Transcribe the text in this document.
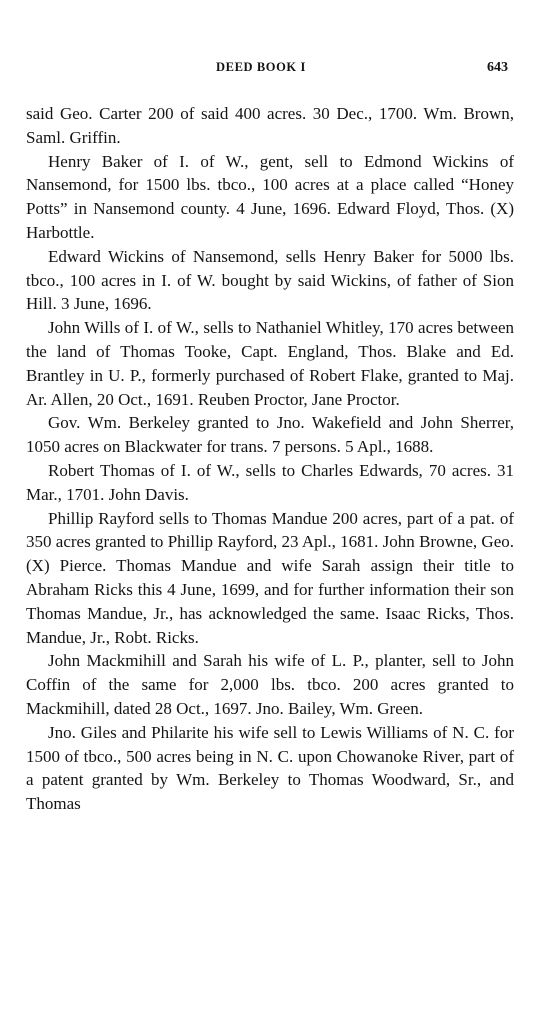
DEED BOOK I	643

said Geo. Carter 200 of said 400 acres. 30 Dec., 1700. Wm. Brown, Saml. Griffin.

Henry Baker of I. of W., gent, sell to Edmond Wickins of Nansemond, for 1500 lbs. tbco., 100 acres at a place called “Honey Potts” in Nansemond county. 4 June, 1696. Edward Floyd, Thos. (X) Harbottle.

Edward Wickins of Nansemond, sells Henry Baker for 5000 lbs. tbco., 100 acres in I. of W. bought by said Wickins, of father of Sion Hill. 3 June, 1696.

John Wills of I. of W., sells to Nathaniel Whitley, 170 acres between the land of Thomas Tooke, Capt. England, Thos. Blake and Ed. Brantley in U. P., formerly purchased of Robert Flake, granted to Maj. Ar. Allen, 20 Oct., 1691. Reuben Proctor, Jane Proctor.

Gov. Wm. Berkeley granted to Jno. Wakefield and John Sherrer, 1050 acres on Blackwater for trans. 7 persons. 5 Apl., 1688.

Robert Thomas of I. of W., sells to Charles Edwards, 70 acres. 31 Mar., 1701. John Davis.

Phillip Rayford sells to Thomas Mandue 200 acres, part of a pat. of 350 acres granted to Phillip Rayford, 23 Apl., 1681. John Browne, Geo. (X) Pierce. Thomas Mandue and wife Sarah assign their title to Abraham Ricks this 4 June, 1699, and for further information their son Thomas Mandue, Jr., has acknowledged the same. Isaac Ricks, Thos. Mandue, Jr., Robt. Ricks.

John Mackmihill and Sarah his wife of L. P., planter, sell to John Coffin of the same for 2,000 lbs. tbco. 200 acres granted to Mackmihill, dated 28 Oct., 1697. Jno. Bailey, Wm. Green.

Jno. Giles and Philarite his wife sell to Lewis Williams of N. C. for 1500 of tbco., 500 acres being in N. C. upon Chowanoke River, part of a patent granted by Wm. Berkeley to Thomas Woodward, Sr., and Thomas
